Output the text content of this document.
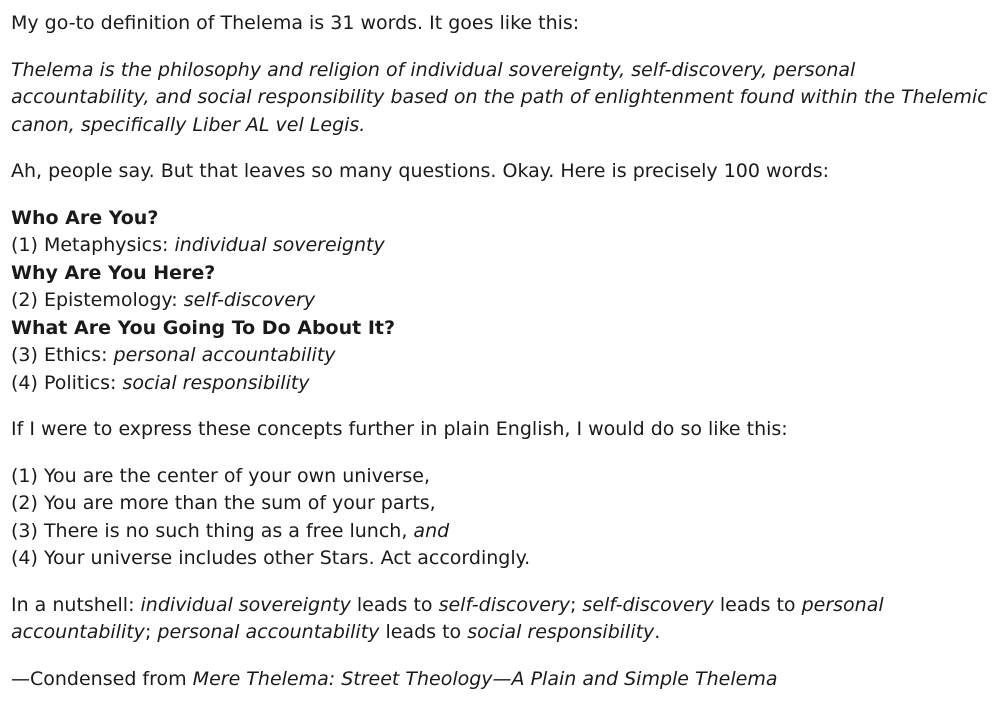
My go-to definition of Thelema is 31 words. It goes like this:

Thelema is the philosophy and religion of individual sovereignty, self-discovery, personal accountability, and social responsibility based on the path of enlightenment found within the Thelemic canon, specifically Liber AL vel Legis.

Ah, people say. But that leaves so many questions. Okay. Here is precisely 100 words:

Who Are You?
(1) Metaphysics: individual sovereignty
Why Are You Here?
(2) Epistemology: self-discovery
What Are You Going To Do About It?
(3) Ethics: personal accountability
(4) Politics: social responsibility

If I were to express these concepts further in plain English, I would do so like this:

(1) You are the center of your own universe,
(2) You are more than the sum of your parts,
(3) There is no such thing as a free lunch, and
(4) Your universe includes other Stars. Act accordingly.

In a nutshell: individual sovereignty leads to self-discovery; self-discovery leads to personal accountability; personal accountability leads to social responsibility.

—Condensed from Mere Thelema: Street Theology—A Plain and Simple Thelema
